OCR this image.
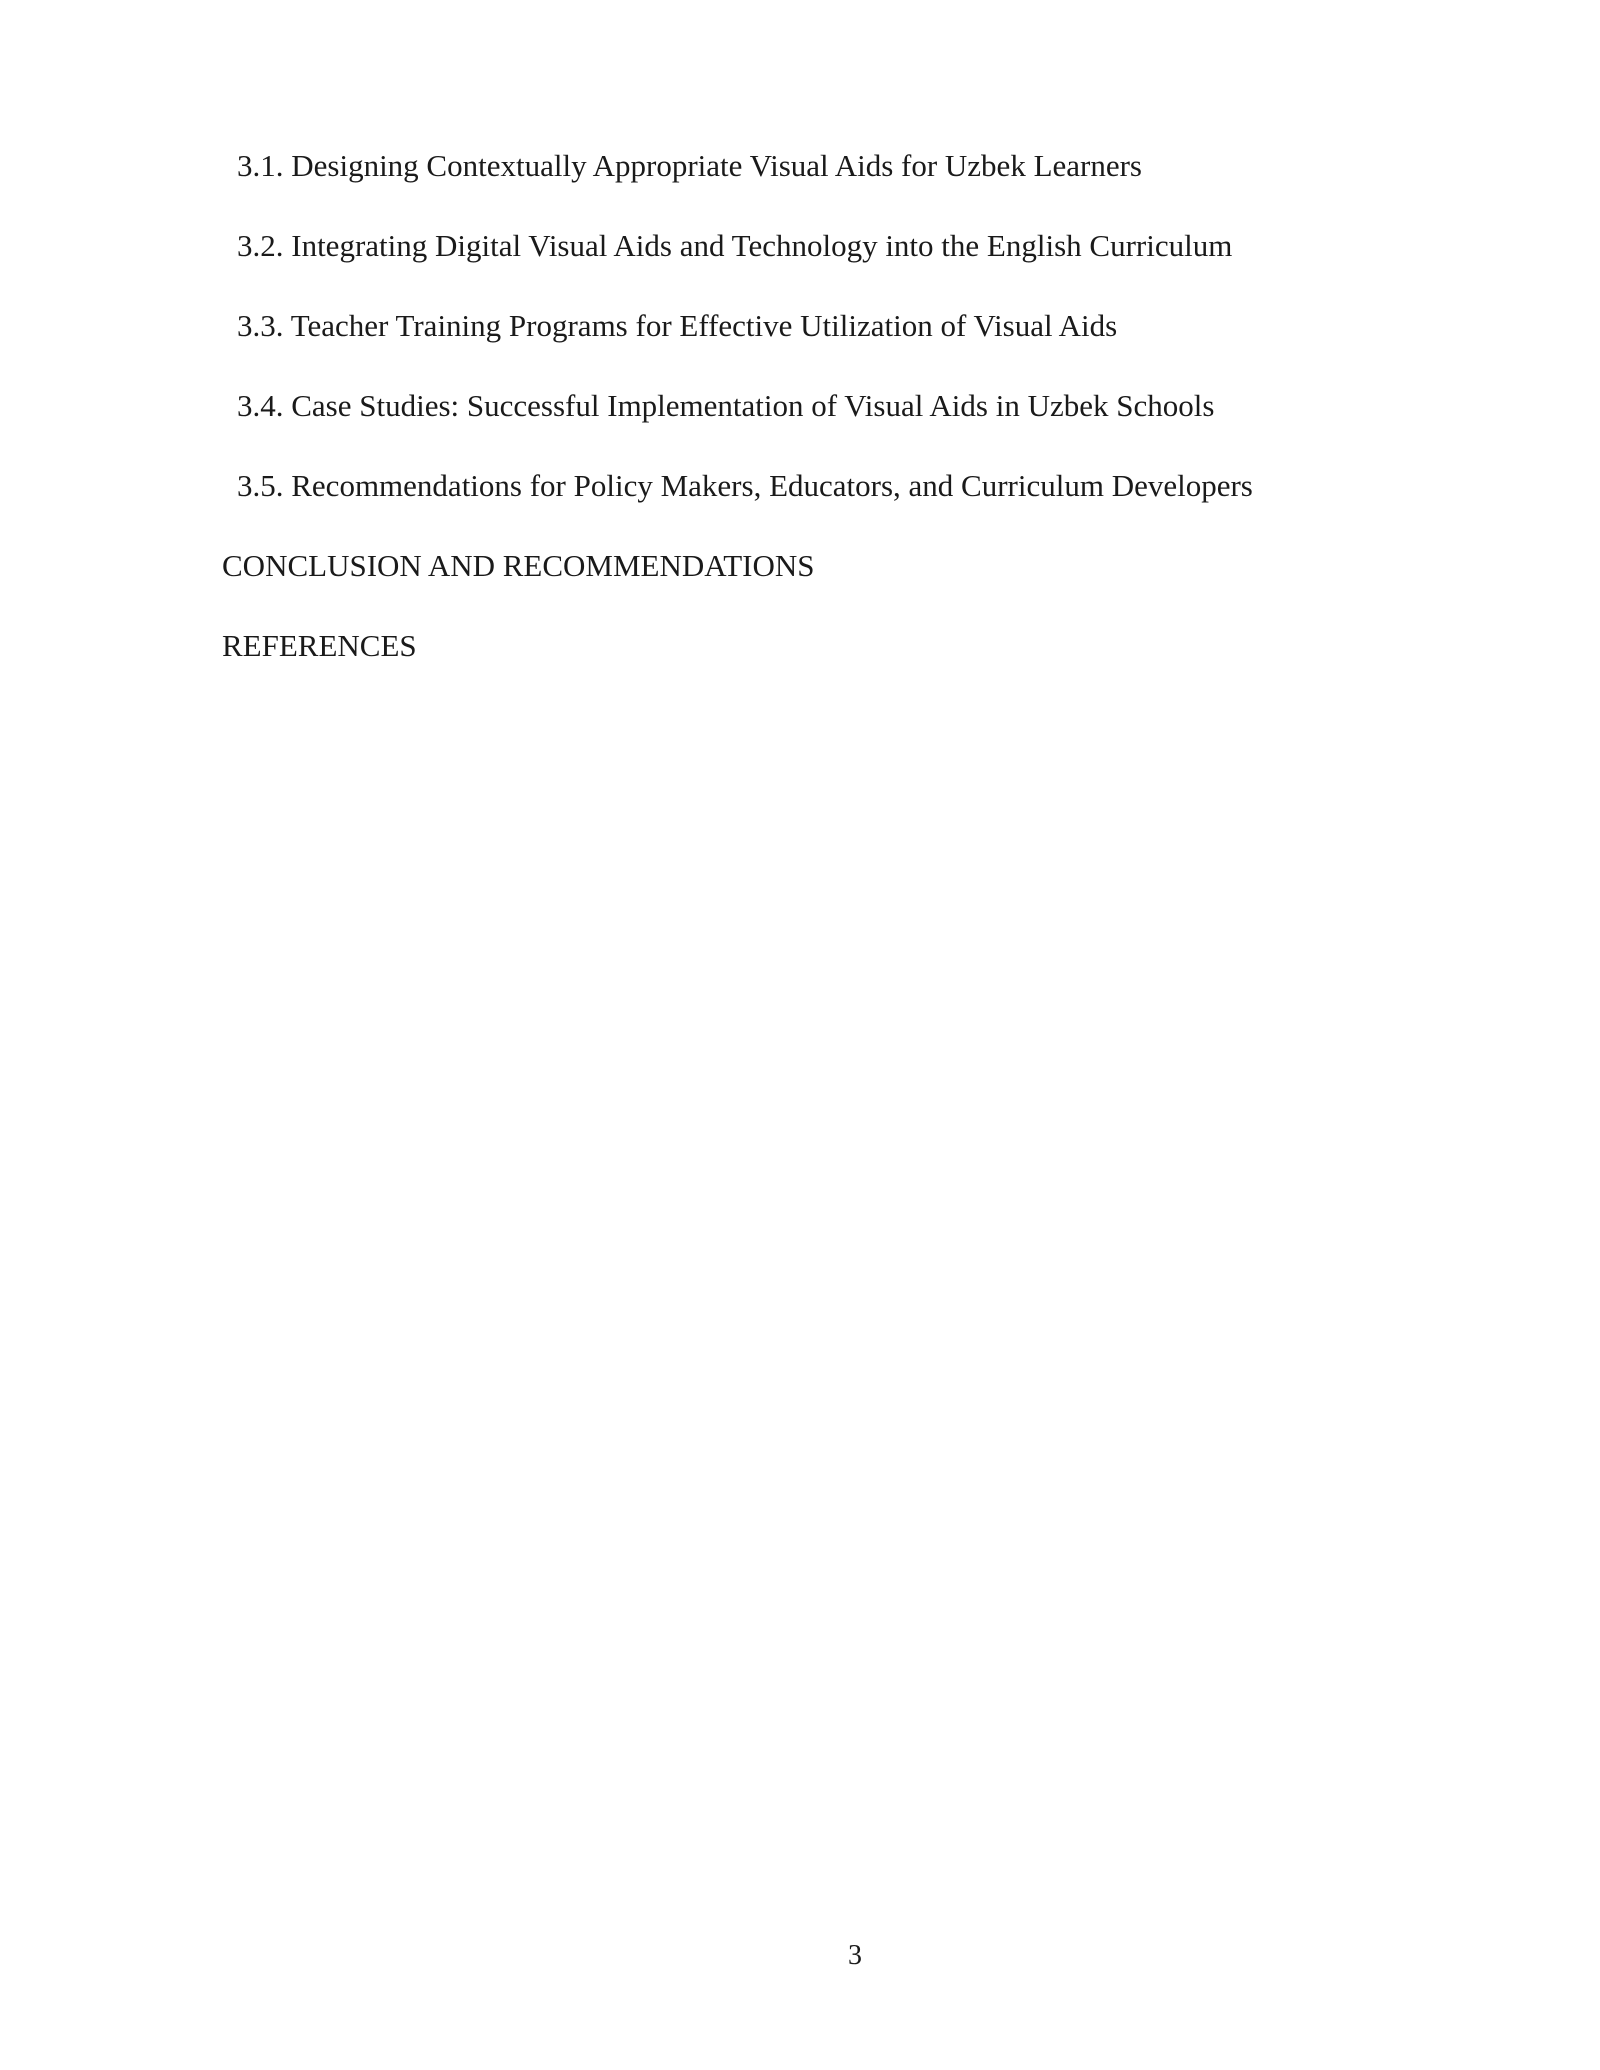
3.1. Designing Contextually Appropriate Visual Aids for Uzbek Learners
3.2. Integrating Digital Visual Aids and Technology into the English Curriculum
3.3. Teacher Training Programs for Effective Utilization of Visual Aids
3.4. Case Studies: Successful Implementation of Visual Aids in Uzbek Schools
3.5. Recommendations for Policy Makers, Educators, and Curriculum Developers
CONCLUSION AND RECOMMENDATIONS
REFERENCES
3
